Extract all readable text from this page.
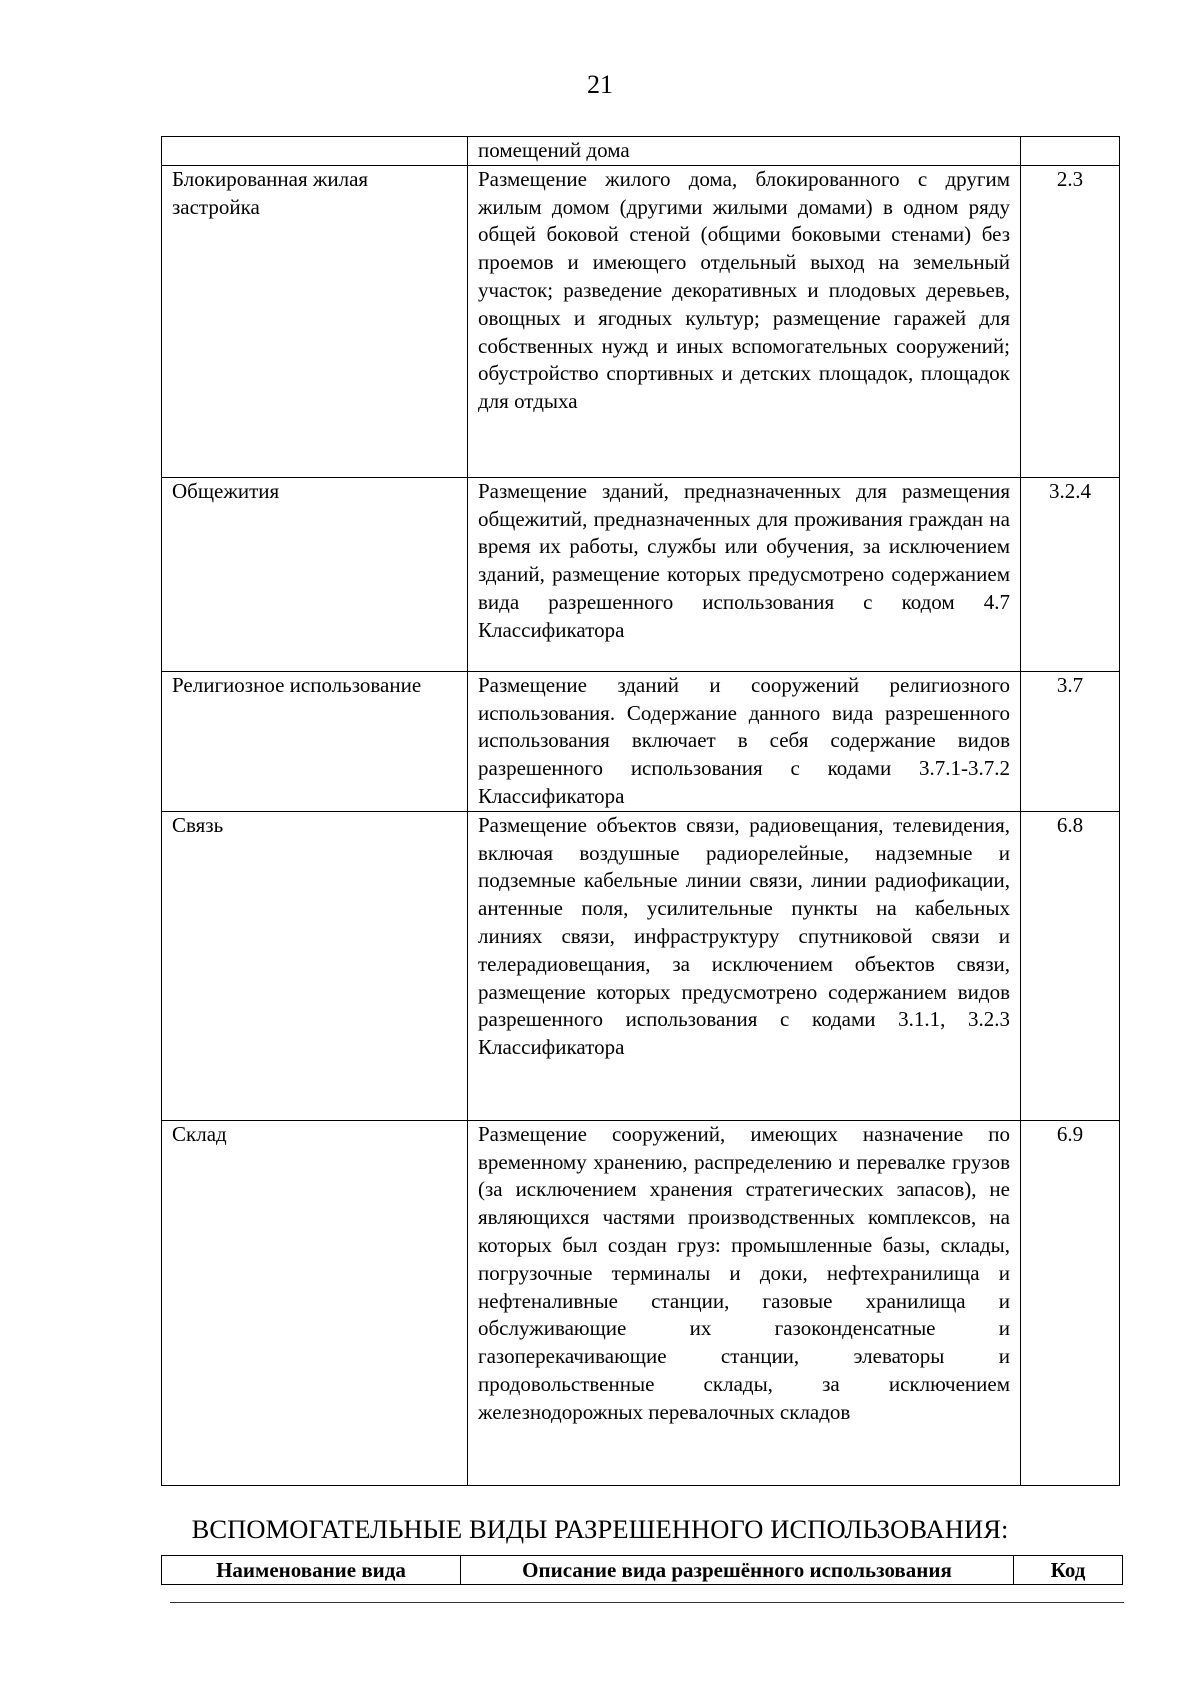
21
	помещений дома	
Блокированная жилая застройка	Размещение жилого дома, блокированного с другим жилым домом (другими жилыми домами) в одном ряду общей боковой стеной (общими боковыми стенами) без проемов и имеющего отдельный выход на земельный участок; разведение декоративных и плодовых деревьев, овощных и ягодных культур; размещение гаражей для собственных нужд и иных вспомогательных сооружений; обустройство спортивных и детских площадок, площадок для отдыха	2.3
Общежития	Размещение зданий, предназначенных для размещения общежитий, предназначенных для проживания граждан на время их работы, службы или обучения, за исключением зданий, размещение которых предусмотрено содержанием вида разрешенного использования с кодом 4.7 Классификатора	3.2.4
Религиозное использование	Размещение зданий и сооружений религиозного использования. Содержание данного вида разрешенного использования включает в себя содержание видов разрешенного использования с кодами 3.7.1-3.7.2 Классификатора	3.7
Связь	Размещение объектов связи, радиовещания, телевидения, включая воздушные радиорелейные, надземные и подземные кабельные линии связи, линии радиофикации, антенные поля, усилительные пункты на кабельных линиях связи, инфраструктуру спутниковой связи и телерадиовещания, за исключением объектов связи, размещение которых предусмотрено содержанием видов разрешенного использования с кодами 3.1.1, 3.2.3 Классификатора	6.8
Склад	Размещение сооружений, имеющих назначение по временному хранению, распределению и перевалке грузов (за исключением хранения стратегических запасов), не являющихся частями производственных комплексов, на которых был создан груз: промышленные базы, склады, погрузочные терминалы и доки, нефтехранилища и нефтеналивные станции, газовые хранилища и обслуживающие их газоконденсатные и газоперекачивающие станции, элеваторы и продовольственные склады, за исключением железнодорожных перевалочных складов	6.9
ВСПОМОГАТЕЛЬНЫЕ ВИДЫ РАЗРЕШЕННОГО ИСПОЛЬЗОВАНИЯ:
Наименование вида	Описание вида разрешённого использования	Код
